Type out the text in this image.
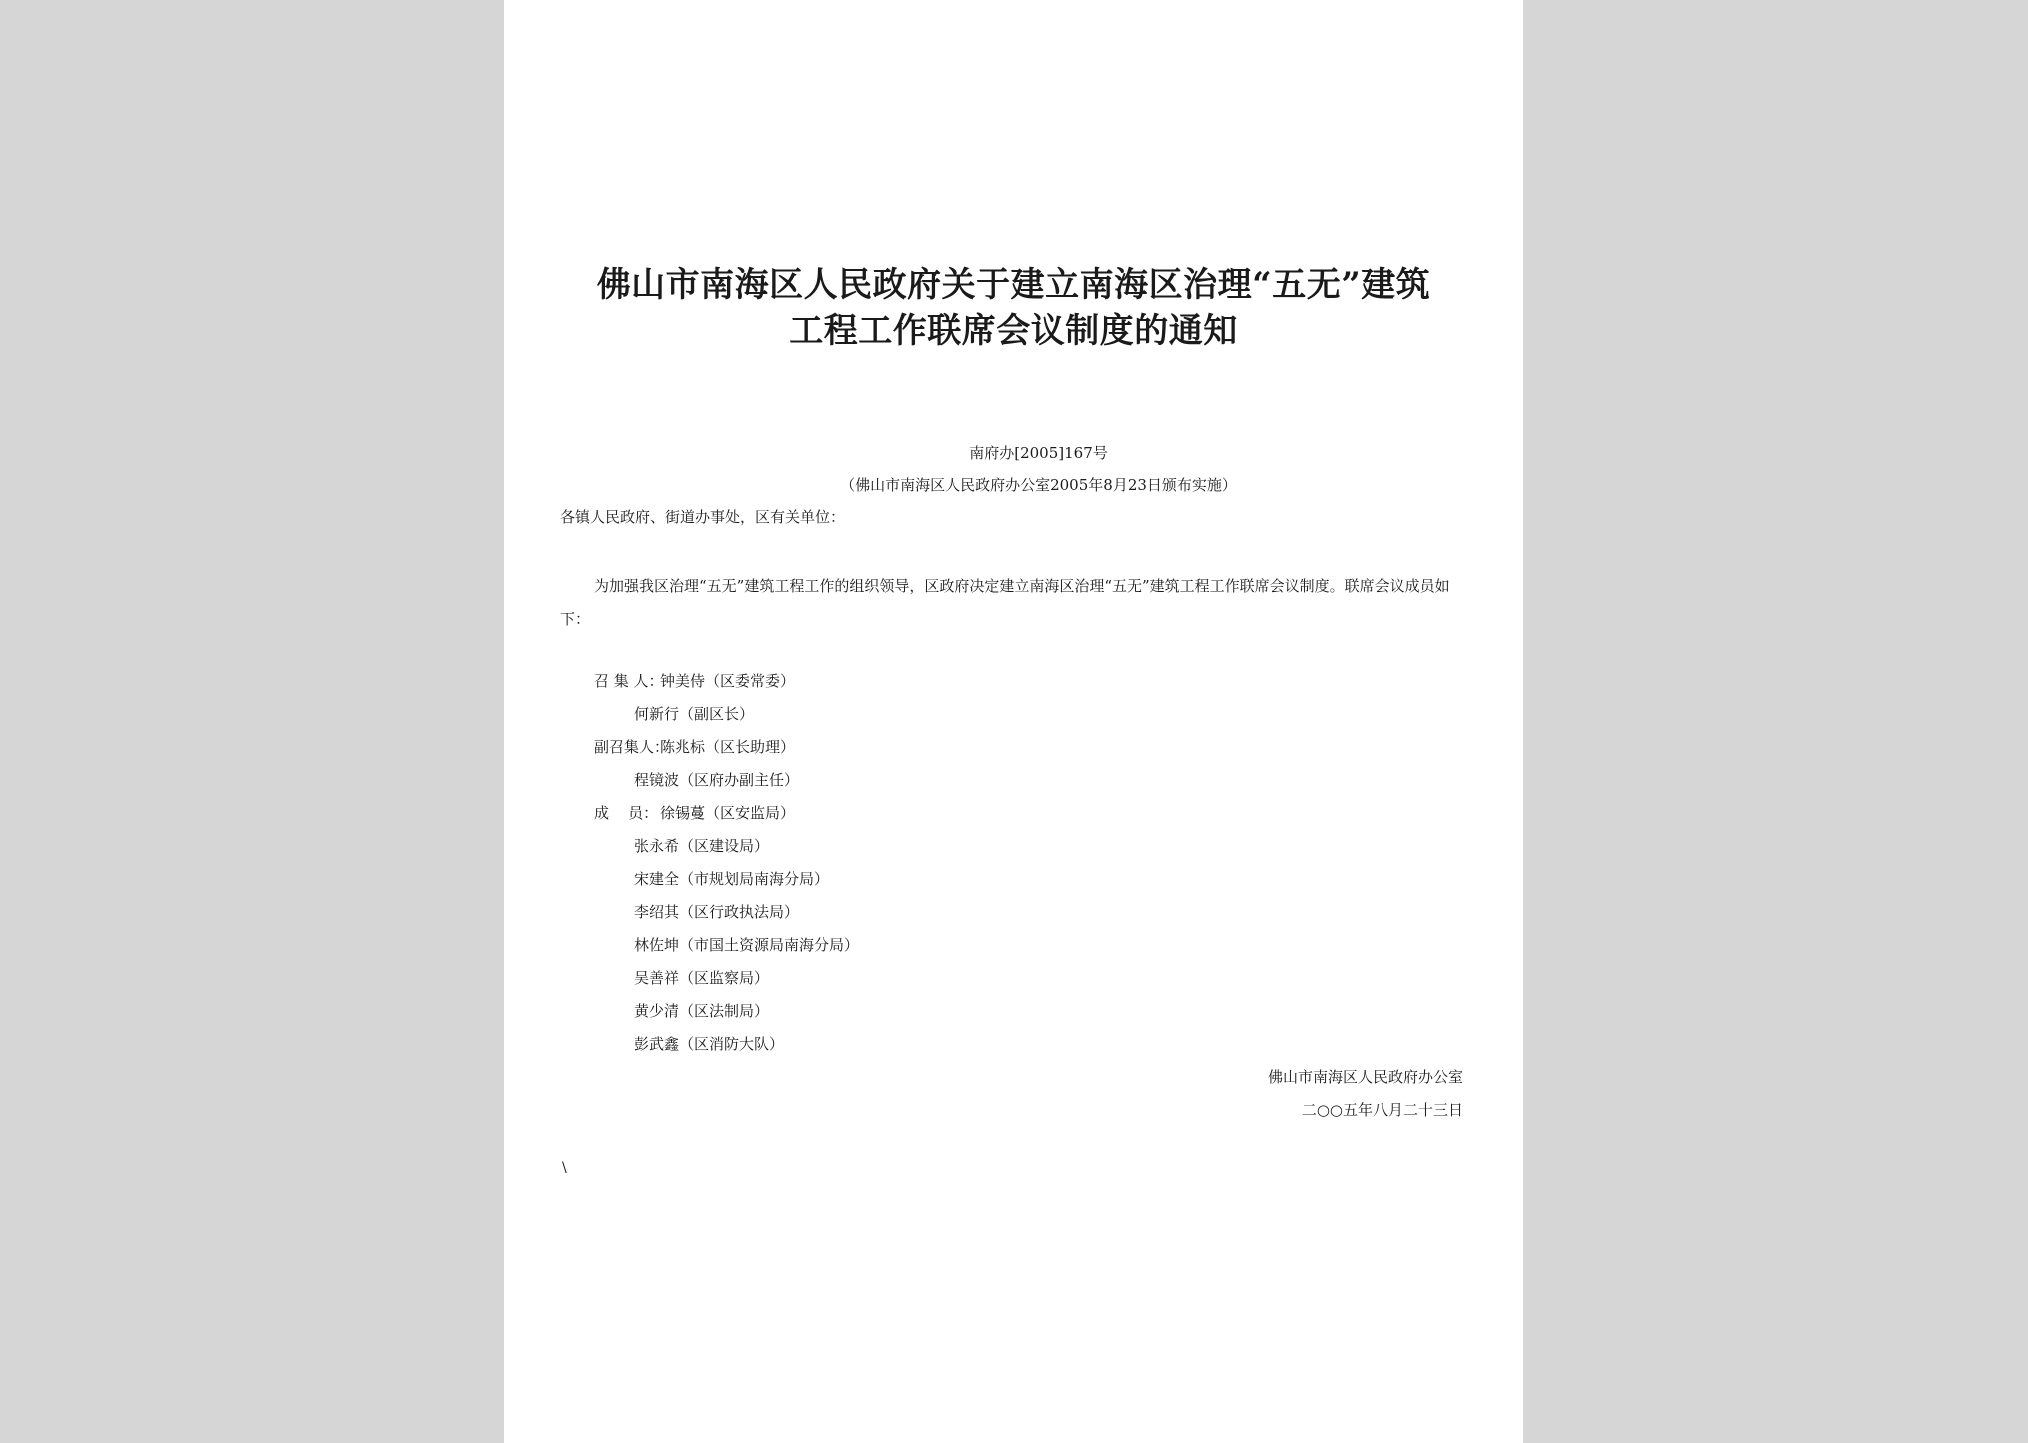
佛山市南海区人民政府关于建立南海区治理“五无”建筑
工程工作联席会议制度的通知
南府办[2005]167号
（佛山市南海区人民政府办公室2005年8月23日颁布实施）
各镇人民政府、街道办事处，区有关单位：
为加强我区治理“五无”建筑工程工作的组织领导，区政府决定建立南海区治理“五无”建筑工程工作联席会议制度。联席会议成员如下：
召 集 人：钟美侍（区委常委）
何新行（副区长）
副召集人：陈兆标（区长助理）
程镜波（区府办副主任）
成    员： 徐锡蔓（区安监局）
张永希（区建设局）
宋建全（市规划局南海分局）
李绍其（区行政执法局）
林佐坤（市国土资源局南海分局）
吴善祥（区监察局）
黄少清（区法制局）
彭武鑫（区消防大队）
佛山市南海区人民政府办公室
二○○五年八月二十三日
\
